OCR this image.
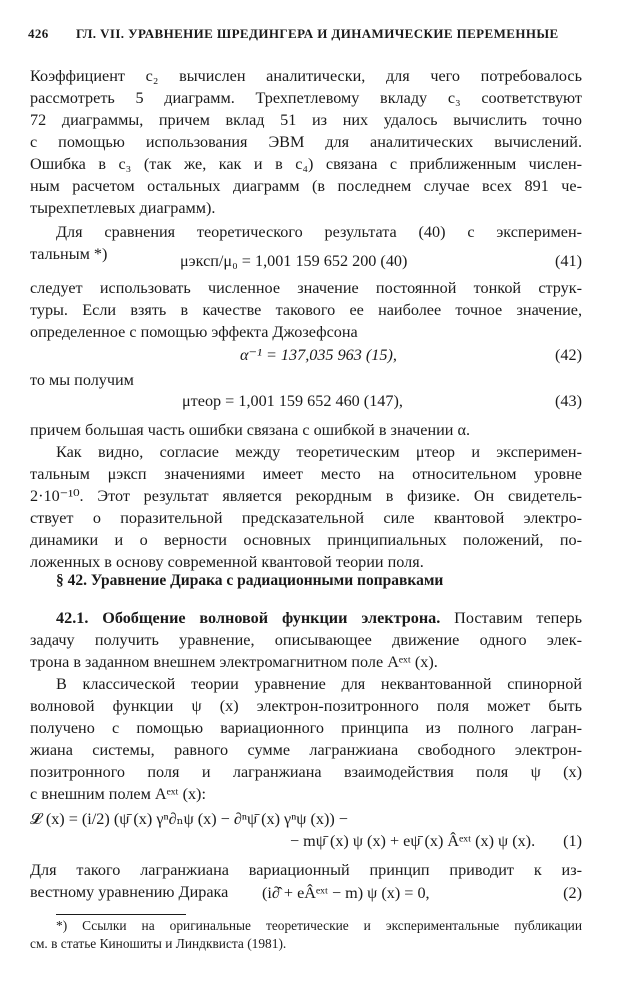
426 ГЛ. VII. УРАВНЕНИЕ ШРЕДИНГЕРА И ДИНАМИЧЕСКИЕ ПЕРЕМЕННЫЕ
Коэффициент c₂ вычислен аналитически, для чего потребовалось
рассмотреть 5 диаграмм. Трехпетлевому вкладу c₃ соответствуют
72 диаграммы, причем вклад 51 из них удалось вычислить точно
с помощью использования ЭВМ для аналитических вычислений.
Ошибка в c₃ (так же, как и в c₄) связана с приближенным числен-
ным расчетом остальных диаграмм (в последнем случае всех 891 че-
тырехпетлевых диаграмм).
Для сравнения теоретического результата (40) с эксперимен-
тальным *)	μэксп/μ₀ = 1,001 159 652 200 (40)	(41)
следует использовать численное значение постоянной тонкой струк-
туры. Если взять в качестве такового ее наиболее точное значение,
определенное с помощью эффекта Джозефсона
α⁻¹ = 137,035 963 (15),	(42)
то мы получим
μтеор = 1,001 159 652 460 (147),	(43)
причем большая часть ошибки связана с ошибкой в значении α.
Как видно, согласие между теоретическим μтеор и эксперимен-
тальным μэксп значениями имеет место на относительном уровне
2·10⁻¹⁰. Этот результат является рекордным в физике. Он свидетель-
ствует о поразительной предсказательной силе квантовой электро-
динамики и о верности основных принципиальных положений, по-
ложенных в основу современной квантовой теории поля.
§ 42. Уравнение Дирака с радиационными поправками
42.1. Обобщение волновой функции электрона. Поставим теперь
задачу получить уравнение, описывающее движение одного элек-
трона в заданном внешнем электромагнитном поле Aᵉˣᵗ (x).
В классической теории уравнение для неквантованной спинорной
волновой функции ψ (x) электрон-позитронного поля может быть
получено с помощью вариационного принципа из полного лагран-
жиана системы, равного сумме лагранжиана свободного электрон-
позитронного поля и лагранжиана взаимодействия поля ψ (x)
с внешним полем Aᵉˣᵗ (x):
𝓛 (x) = (i/2) (ψ̄ (x) γⁿ∂ₙψ (x) − ∂ⁿψ̄ (x) γⁿψ (x)) −
− mψ̄ (x) ψ (x) + eψ̄ (x) Âᵉˣᵗ (x) ψ (x). (1)
Для такого лагранжиана вариационный принцип приводит к из-
вестному уравнению Дирака	(i∂̂ + eÂᵉˣᵗ − m) ψ (x) = 0,	(2)
*) Ссылки на оригинальные теоретические и экспериментальные публикации
см. в статье Киношиты и Линдквиста (1981).
